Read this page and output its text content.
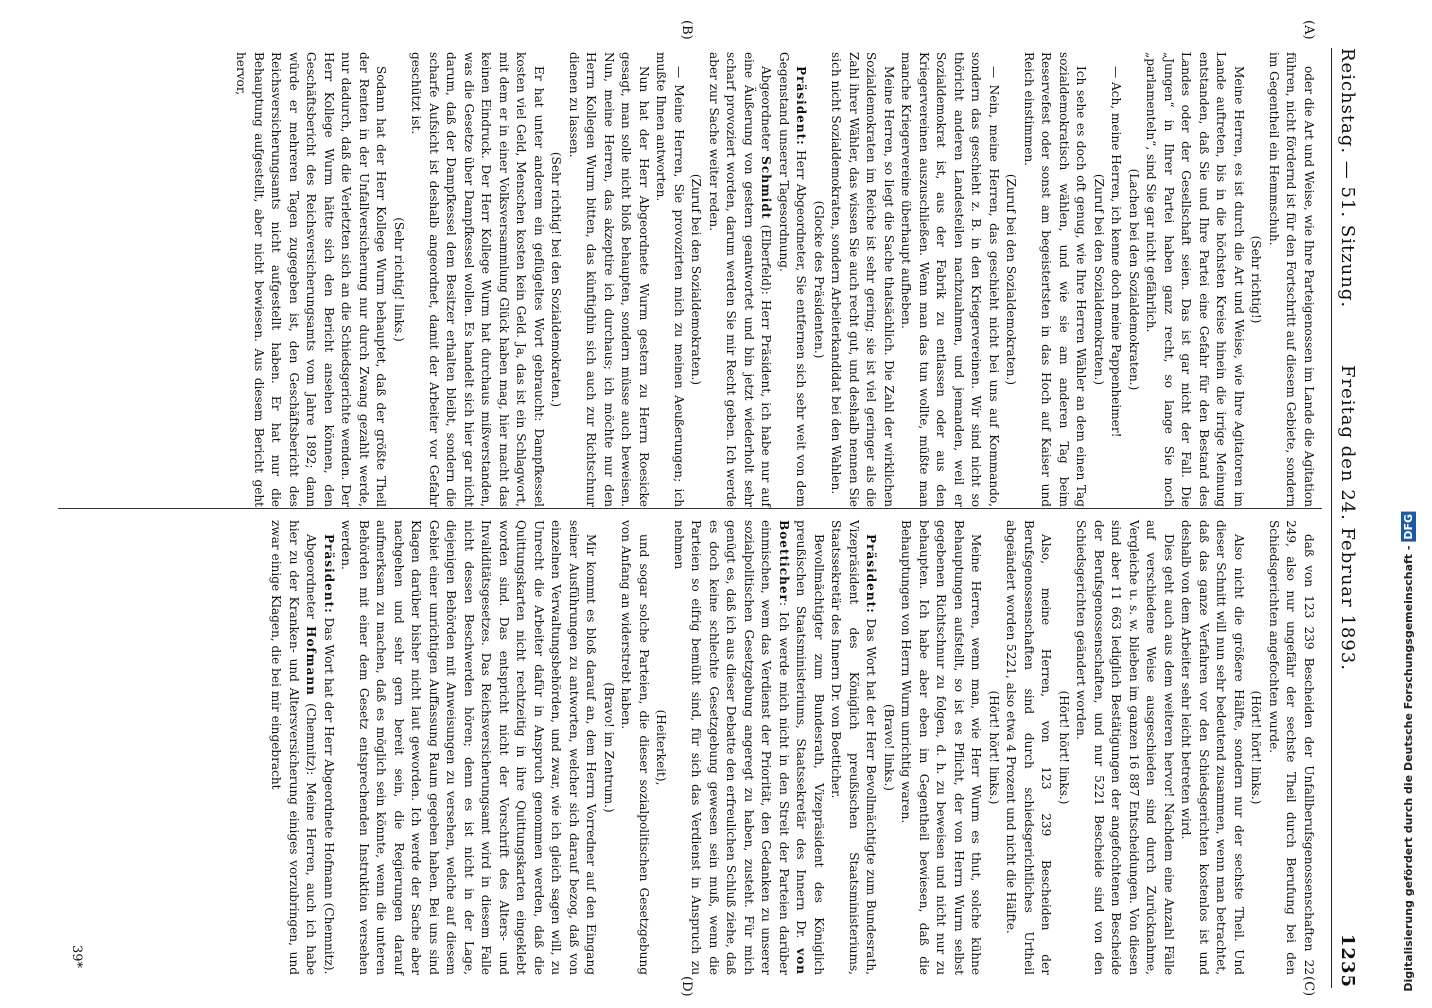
Reichstag. — 51. Sitzung.
Freitag den 24. Februar 1893.
1235
(A)
(B)
(C)
(D)

oder die Art und Weise, wie Ihre Parteigenossen im Lande die Agitation führen, nicht fördernd ist für den Fortschritt auf diesem Gebiete, sondern im Gegentheil ein Hemmschuh.

(Sehr richtig!)

Meine Herren, es ist durch die Art und Weise, wie Ihre Agitatoren im Lande auftreten, bis in die höchsten Kreise hinein die irrige Meinung entstanden, daß Sie und Ihre Partei eine Gefahr für den Bestand des Landes oder der Gesellschaft seien. Das ist gar nicht der Fall. Die „Jungen“ in Ihrer Partei haben ganz recht, so lange Sie noch „parlamenteln“, sind Sie gar nicht gefährlich.

(Lachen bei den Sozialdemokraten.)

— Ach, meine Herren, ich kenne doch meine Pappenheimer!

(Zuruf bei den Sozialdemokraten.)

Ich sehe es doch oft genug, wie Ihre Herren Wähler an dem einen Tag sozialdemokratisch wählen, und wie sie am anderen Tag beim Reservefest oder sonst am begeistertsten in das Hoch auf Kaiser und Reich einstimmen.

(Zuruf bei den Sozialdemokraten.)

— Nein, meine Herren, das geschieht nicht bei uns auf Kommando, sondern das geschieht z. B. in den Kriegervereinen. Wir sind nicht so thöricht anderen Landesteilen nachzuahmen, und jemanden, weil er Sozialdemokrat ist, aus der Fabrik zu entlassen oder aus den Kriegervereinen auszuschließen. Wenn man das tun wollte, müßte man manche Kriegervereine überhaupt aufheben.

Meine Herren, so liegt die Sache thatsächlich. Die Zahl der wirklichen Sozialdemokraten im Reiche ist sehr gering; sie ist viel geringer als die Zahl ihrer Wähler, das wissen Sie auch recht gut, und deshalb nennen Sie sich nicht Sozialdemokraten, sondern Arbeiterkandidat bei den Wahlen.

(Glocke des Präsidenten.)

Präsident: Herr Abgeordneter, Sie entfernen sich sehr weit von dem Gegenstand unserer Tagesordnung.

Abgeordneter Schmidt (Elberfeld): Herr Präsident, ich habe nur auf eine Äußerung von gestern geantwortet und bin jetzt wiederholt sehr scharf provoziert worden, darum werden Sie mir Recht geben. Ich werde aber zur Sache weiter reden.

(Zuruf bei den Sozialdemokraten.)

— Meine Herren, Sie provozirten mich zu meinen Aeußerungen; ich mußte Ihnen antworten.

Nun hat der Herr Abgeordnete Wurm gestern zu Herrn Roesicke gesagt, man solle nicht bloß behaupten, sondern müsse auch beweisen. Nun, meine Herren, das akzeptire ich durchaus; ich möchte nur den Herrn Kollegen Wurm bitten, das künftighin sich auch zur Richtschnur dienen zu lassen.

(Sehr richtig! bei den Sozialdemokraten.)

Er hat unter anderem ein geflügeltes Wort gebraucht: Dampfkessel kosten viel Geld, Menschen kosten kein Geld. Ja, das ist ein Schlagwort, mit dem er in einer Volksversammlung Glück haben mag, hier macht das keinen Eindruck. Der Herr Kollege Wurm hat durchaus mißverstanden, was die Gesetze über Dampfkessel wollen. Es handelt sich hier gar nicht darum, daß der Dampfkessel dem Besitzer erhalten bleibt, sondern die scharfe Aufsicht ist deshalb angeordnet, damit der Arbeiter vor Gefahr geschützt ist.

(Sehr richtig! links.)

Sodann hat der Herr Kollege Wurm behauptet, daß der größte Theil der Renten in der Unfallversicherung nur durch Zwang gezahlt werde, nur dadurch, daß die Verletzten sich an die Schiedsgerichte wenden. Der Herr Kollege Wurm hätte sich den Bericht ansehen können, den Geschäftsbericht des Reichsversicherungsamts vom Jahre 1892; dann würde er mehreren Tagen zugegeben ist, den Geschäftsbericht des Reichsversicherungsamts nicht aufgestellt haben. Er hat nur die Behauptung aufgestellt, aber nicht bewiesen. Aus diesem Bericht geht hervor,

daß von 123 239 Bescheiden der Unfallberufsgenossenschaften 22 249, also nur ungefähr der sechste Theil durch Berufung bei den Schiedsgerichten angefochten wurde.

(Hört! hört! links.)

Also nicht die größere Hälfte, sondern nur der sechste Theil. Und dieser Schnitt will nun sehr bedeutend zusammen, wenn man betrachtet, daß das ganze Verfahren vor den Schiedsgerichten kostenlos ist und deshalb von dem Arbeiter sehr leicht betreten wird.

Dies geht auch aus dem weiteren hervor! Nachdem eine Anzahl Fälle auf verschiedene Weise ausgeschieden sind durch Zurücknahme, Vergleiche u. s. w. blieben im ganzen 16 887 Entscheidungen. Von diesen sind aber 11 663 lediglich Bestätigungen der angefochtenen Bescheide der Berufsgenossenschaften, und nur 5221 Bescheide sind von den Schiedsgerichten geändert worden.

(Hört! hört! links.)

Also, meine Herren, von 123 239 Bescheiden der Berufsgenossenschaften sind durch schiedsgerichtliches Urtheil abgeändert worden 5221, also etwa 4 Prozent und nicht die Hälfte.

(Hört! hört! links.)

Meine Herren, wenn man, wie Herr Wurm es thut, solche kühne Behauptungen aufstellt, so ist es Pflicht, der von Herrn Wurm selbst gegebenen Richtschnur zu folgen, d. h. zu beweisen und nicht nur zu behaupten. Ich habe aber eben im Gegentheil bewiesen, daß die Behauptungen von Herrn Wurm unrichtig waren.

(Bravo! links.)

Präsident: Das Wort hat der Herr Bevollmächtigte zum Bundesrath, Vizepräsident des Königlich preußischen Staatsministeriums, Staatssekretär des Innern Dr. von Boetticher.

Bevollmächtigter zum Bundesrath, Vizepräsident des Königlich preußischen Staatsministeriums, Staatssekretär des Innern Dr. von Boetticher: Ich werde mich nicht in den Streit der Parteien darüber einmischen, wem das Verdienst der Priorität, den Gedanken zu unserer sozialpolitischen Gesetzgebung angeregt zu haben, zusteht. Für mich genügt es, daß ich aus dieser Debatte den erfreulichen Schluß ziehe, daß es doch keine schlechte Gesetzgebung gewesen sein muß, wenn die Parteien so eifrig bemüht sind, für sich das Verdienst in Anspruch zu nehmen

(Heiterkeit),

und sogar solche Parteien, die dieser sozialpolitischen Gesetzgebung von Anfang an widerstrebt haben.

(Bravo! im Zentrum.)

Mir kommt es bloß darauf an, dem Herrn Vorredner auf den Eingang seiner Ausführungen zu antworten, welcher sich darauf bezog, daß von einzelnen Verwaltungsbehörden, und zwar, wie ich gleich sagen will, zu Unrecht die Arbeiter dafür in Anspruch genommen werden, daß die Quittungskarten nicht rechtzeitig in ihre Quittungskarten eingeklebt worden sind. Das entspricht nicht der Vorschrift des Alters- und Invaliditätsgesetzes. Das Reichsversicherungsamt wird in diesem Falle nicht dessen Beschwerden hören; denn es ist nicht in der Lage, diejenigen Behörden mit Anweisungen zu versehen, welche auf diesem Gebiet einer unrichtigen Auffassung Raum gegeben haben. Bei uns sind Klagen darüber bisher nicht laut geworden. Ich werde der Sache aber nachgehen und sehr gern bereit sein, die Regierungen darauf aufmerksam zu machen, daß es möglich sein könnte, wenn die unteren Behörden mit einer dem Gesetz entsprechenden Instruktion versehen werden.

Präsident: Das Wort hat der Herr Abgeordnete Hofmann (Chemnitz).

Abgeordneter Hofmann (Chemnitz): Meine Herren, auch ich habe hier zu der Kranken- und Altersversicherung einiges vorzubringen, und zwar einige Klagen, die bei mir eingebracht

39*	Digitalisierung gefördert durch die Deutsche Forschungsgemeinschaft - DFG
